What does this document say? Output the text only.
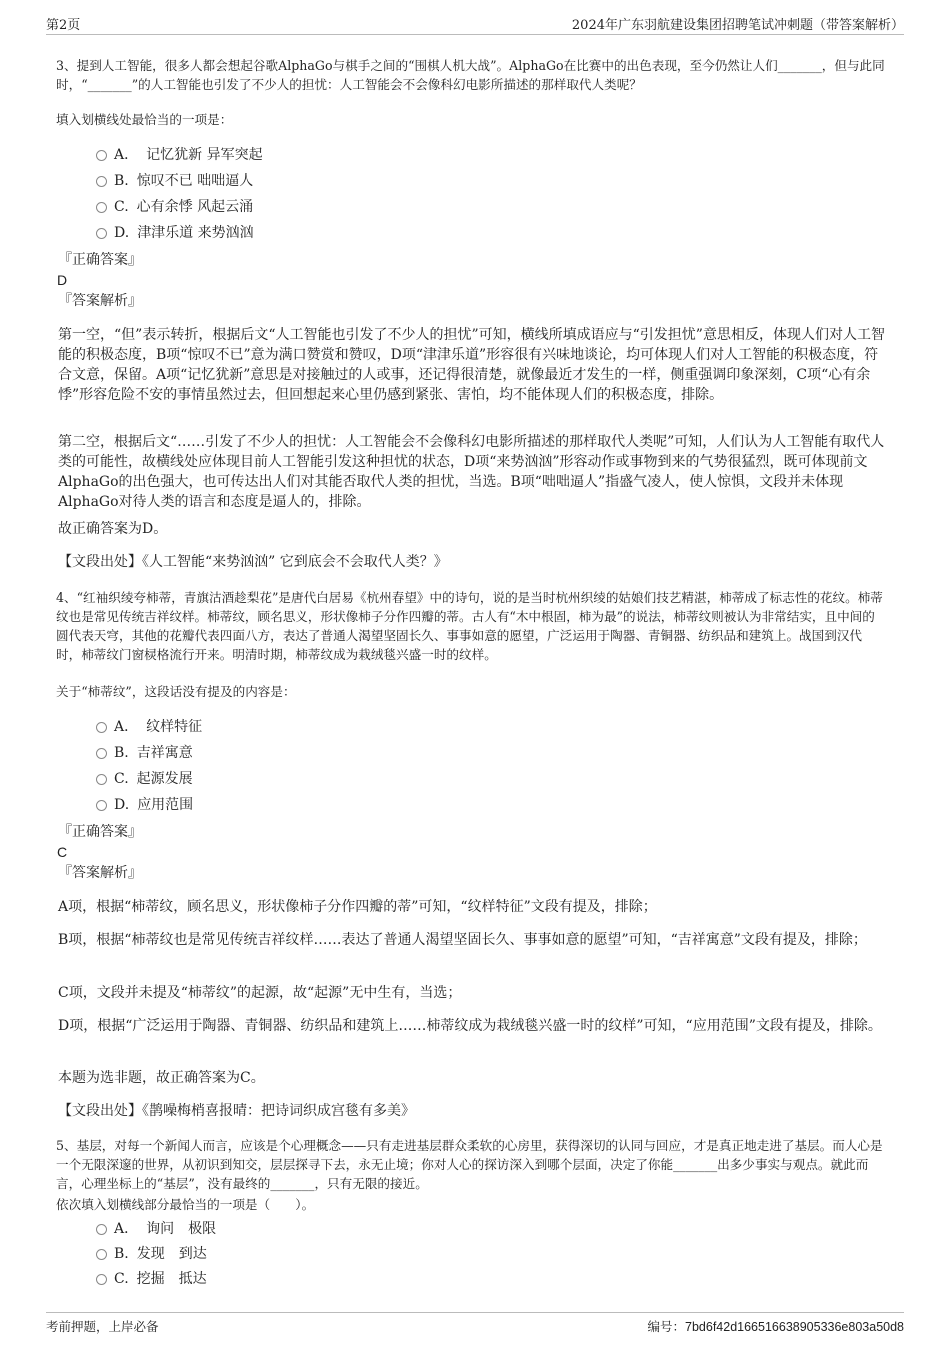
第2页	2024年广东羽航建设集团招聘笔试冲刺题（带答案解析）
3、提到人工智能，很多人都会想起谷歌AlphaGo与棋手之间的“围棋人机大战”。AlphaGo在比赛中的出色表现，至今仍然让人们_______，但与此同时，“_______”的人工智能也引发了不少人的担忧：人工智能会不会像科幻电影所描述的那样取代人类呢？
填入划横线处最恰当的一项是：
A． 记忆犹新 异军突起
B. 惊叹不已 咄咄逼人
C. 心有余悸 风起云涌
D. 津津乐道 来势汹汹
『正确答案』
D
『答案解析』
第一空，“但”表示转折，根据后文“人工智能也引发了不少人的担忧”可知，横线所填成语应与“引发担忧”意思相反，体现人们对人工智能的积极态度，B项“惊叹不已”意为满口赞赏和赞叹，D项“津津乐道”形容很有兴味地谈论，均可体现人们对人工智能的积极态度，符合文意，保留。A项“记忆犹新”意思是对接触过的人或事，还记得很清楚，就像最近才发生的一样，侧重强调印象深刻，C项“心有余悸”形容危险不安的事情虽然过去，但回想起来心里仍感到紧张、害怕，均不能体现人们的积极态度，排除。
第二空，根据后文“……引发了不少人的担忧：人工智能会不会像科幻电影所描述的那样取代人类呢”可知，人们认为人工智能有取代人类的可能性，故横线处应体现目前人工智能引发这种担忧的状态，D项“来势汹汹”形容动作或事物到来的气势很猛烈，既可体现前文AlphaGo的出色强大，也可传达出人们对其能否取代人类的担忧，当选。B项“咄咄逼人”指盛气凌人，使人惊惧，文段并未体现AlphaGo对待人类的语言和态度是逼人的，排除。
故正确答案为D。
【文段出处】《人工智能“来势汹汹” 它到底会不会取代人类？》
4、“红袖织绫夸柿蒂，青旗沽酒趁梨花”是唐代白居易《杭州春望》中的诗句，说的是当时杭州织绫的姑娘们技艺精湛，柿蒂成了标志性的花纹。柿蒂纹也是常见传统吉祥纹样。柿蒂纹，顾名思义，形状像柿子分作四瓣的蒂。古人有“木中根固，柿为最”的说法，柿蒂纹则被认为非常结实，且中间的圆代表天穹，其他的花瓣代表四面八方，表达了普通人渴望坚固长久、事事如意的愿望，广泛运用于陶器、青铜器、纺织品和建筑上。战国到汉代时，柿蒂纹门窗棂格流行开来。明清时期，柿蒂纹成为栽绒毯兴盛一时的纹样。
关于“柿蒂纹”，这段话没有提及的内容是：
A． 纹样特征
B. 吉祥寓意
C. 起源发展
D. 应用范围
『正确答案』
C
『答案解析』
A项，根据“柿蒂纹，顾名思义，形状像柿子分作四瓣的蒂”可知，“纹样特征”文段有提及，排除；
B项，根据“柿蒂纹也是常见传统吉祥纹样……表达了普通人渴望坚固长久、事事如意的愿望”可知，“吉祥寓意”文段有提及，排除；
C项，文段并未提及“柿蒂纹”的起源，故“起源”无中生有，当选；
D项，根据“广泛运用于陶器、青铜器、纺织品和建筑上……柿蒂纹成为栽绒毯兴盛一时的纹样”可知，“应用范围”文段有提及，排除。
本题为选非题，故正确答案为C。
【文段出处】《鹊噪梅梢喜报晴：把诗词织成宫毯有多美》
5、基层，对每一个新闻人而言，应该是个心理概念——只有走进基层群众柔软的心房里，获得深切的认同与回应，才是真正地走进了基层。而人心是一个无限深邃的世界，从初识到知交，层层探寻下去，永无止境；你对人心的探访深入到哪个层面，决定了你能_______出多少事实与观点。就此而言，心理坐标上的“基层”，没有最终的_______，只有无限的接近。
依次填入划横线部分最恰当的一项是（　　）。
A． 询问　极限
B. 发现　到达
C. 挖掘　抵达
考前押题，上岸必备	编号：7bd6f42d166516638905336e803a50d8
